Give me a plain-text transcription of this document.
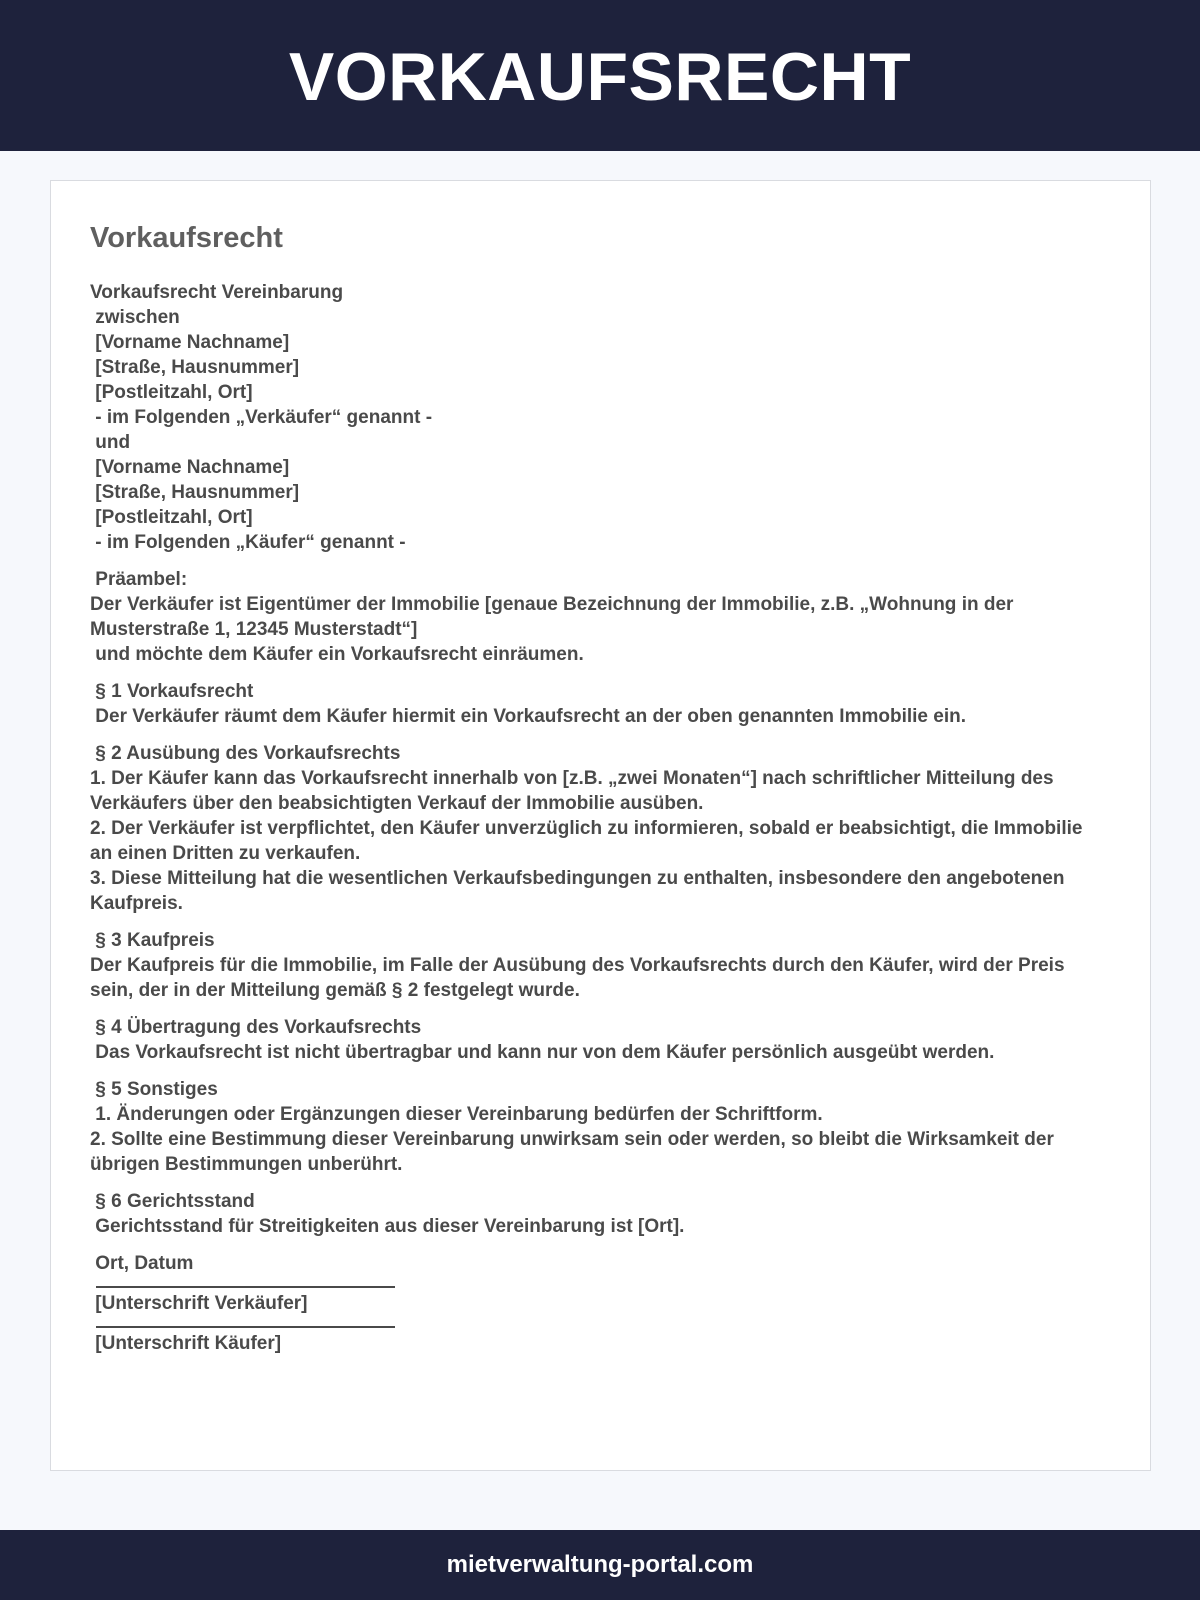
VORKAUFSRECHT
Vorkaufsrecht
Vorkaufsrecht Vereinbarung
zwischen
[Vorname Nachname]
[Straße, Hausnummer]
[Postleitzahl, Ort]
- im Folgenden „Verkäufer“ genannt -
und
[Vorname Nachname]
[Straße, Hausnummer]
[Postleitzahl, Ort]
- im Folgenden „Käufer“ genannt -
Präambel:
Der Verkäufer ist Eigentümer der Immobilie [genaue Bezeichnung der Immobilie, z.B. „Wohnung in der Musterstraße 1, 12345 Musterstadt“]
und möchte dem Käufer ein Vorkaufsrecht einräumen.
§ 1 Vorkaufsrecht
Der Verkäufer räumt dem Käufer hiermit ein Vorkaufsrecht an der oben genannten Immobilie ein.
§ 2 Ausübung des Vorkaufsrechts
1. Der Käufer kann das Vorkaufsrecht innerhalb von [z.B. „zwei Monaten“] nach schriftlicher Mitteilung des Verkäufers über den beabsichtigten Verkauf der Immobilie ausüben.
2. Der Verkäufer ist verpflichtet, den Käufer unverzüglich zu informieren, sobald er beabsichtigt, die Immobilie an einen Dritten zu verkaufen.
3. Diese Mitteilung hat die wesentlichen Verkaufsbedingungen zu enthalten, insbesondere den angebotenen Kaufpreis.
§ 3 Kaufpreis
Der Kaufpreis für die Immobilie, im Falle der Ausübung des Vorkaufsrechts durch den Käufer, wird der Preis sein, der in der Mitteilung gemäß § 2 festgelegt wurde.
§ 4 Übertragung des Vorkaufsrechts
Das Vorkaufsrecht ist nicht übertragbar und kann nur von dem Käufer persönlich ausgeübt werden.
§ 5 Sonstiges
1. Änderungen oder Ergänzungen dieser Vereinbarung bedürfen der Schriftform.
2. Sollte eine Bestimmung dieser Vereinbarung unwirksam sein oder werden, so bleibt die Wirksamkeit der übrigen Bestimmungen unberührt.
§ 6 Gerichtsstand
Gerichtsstand für Streitigkeiten aus dieser Vereinbarung ist [Ort].
Ort, Datum
[Unterschrift Verkäufer]
[Unterschrift Käufer]
mietverwaltung-portal.com
